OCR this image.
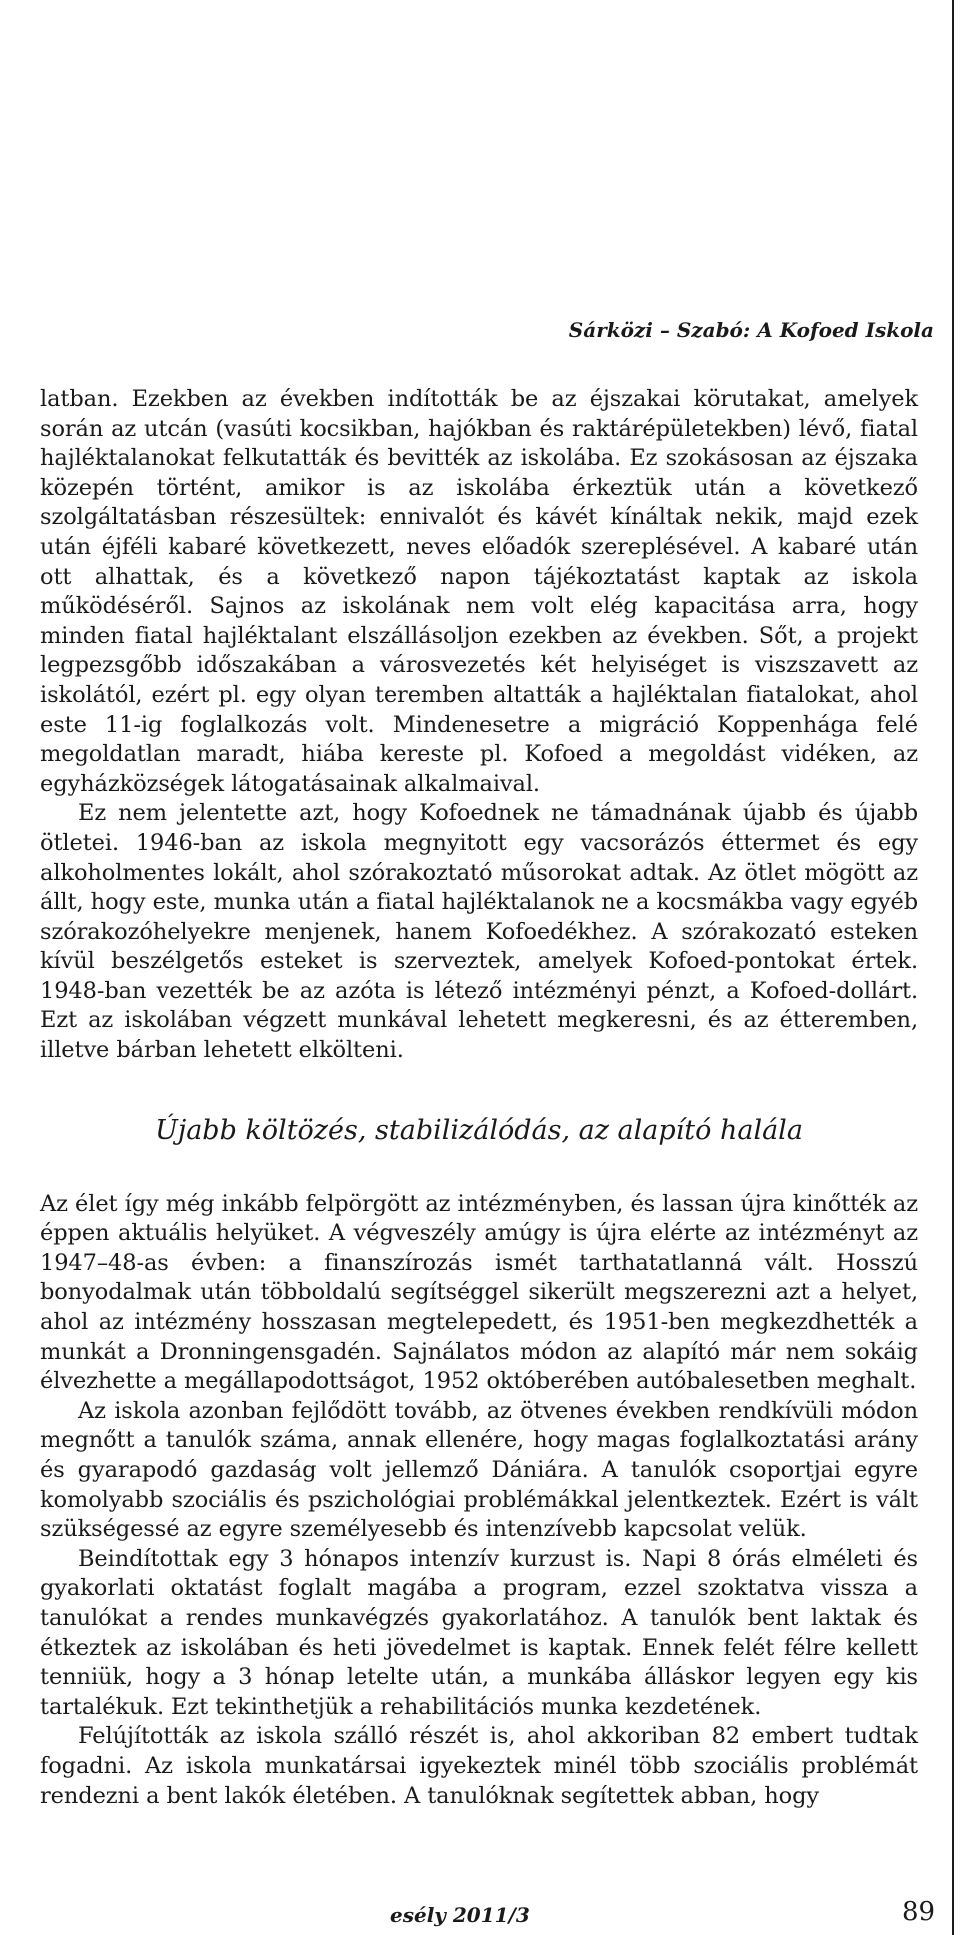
Sárközi – Szabó: A Kofoed Iskola

latban. Ezekben az években indították be az éjszakai körutakat, amelyek során az utcán (vasúti kocsikban, hajókban és raktárépületekben) lévő, fiatal hajléktalanokat felkutatták és bevitték az iskolába. Ez szokásosan az éjszaka közepén történt, amikor is az iskolába érkeztük után a következő szolgáltatásban részesültek: ennivalót és kávét kínáltak nekik, majd ezek után éjféli kabaré következett, neves előadók szereplésével. A kabaré után ott alhattak, és a következő napon tájékoztatást kaptak az iskola működéséről. Sajnos az iskolának nem volt elég kapacitása arra, hogy minden fiatal hajléktalant elszállásoljon ezekben az években. Sőt, a projekt legpezsgőbb időszakában a városvezetés két helyiséget is viszszavett az iskolától, ezért pl. egy olyan teremben altatták a hajléktalan fiatalokat, ahol este 11-ig foglalkozás volt. Mindenesetre a migráció Koppenhága felé megoldatlan maradt, hiába kereste pl. Kofoed a megoldást vidéken, az egyházközségek látogatásainak alkalmaival.

Ez nem jelentette azt, hogy Kofoednek ne támadnának újabb és újabb ötletei. 1946-ban az iskola megnyitott egy vacsorázós éttermet és egy alkoholmentes lokált, ahol szórakoztató műsorokat adtak. Az ötlet mögött az állt, hogy este, munka után a fiatal hajléktalanok ne a kocsmákba vagy egyéb szórakozóhelyekre menjenek, hanem Kofoedékhez. A szórakozató esteken kívül beszélgetős esteket is szerveztek, amelyek Kofoed-pontokat értek. 1948-ban vezették be az azóta is létező intézményi pénzt, a Kofoed-dollárt. Ezt az iskolában végzett munkával lehetett megkeresni, és az étteremben, illetve bárban lehetett elkölteni.

Újabb költözés, stabilizálódás, az alapító halála

Az élet így még inkább felpörgött az intézményben, és lassan újra kinőtték az éppen aktuális helyüket. A végveszély amúgy is újra elérte az intézményt az 1947–48-as évben: a finanszírozás ismét tarthatatlanná vált. Hosszú bonyodalmak után többoldalú segítséggel sikerült megszerezni azt a helyet, ahol az intézmény hosszasan megtelepedett, és 1951-ben megkezdhették a munkát a Dronningensgadén. Sajnálatos módon az alapító már nem sokáig élvezhette a megállapodottságot, 1952 októberében autóbalesetben meghalt.

Az iskola azonban fejlődött tovább, az ötvenes években rendkívüli módon megnőtt a tanulók száma, annak ellenére, hogy magas foglalkoztatási arány és gyarapodó gazdaság volt jellemző Dániára. A tanulók csoportjai egyre komolyabb szociális és pszichológiai problémákkal jelentkeztek. Ezért is vált szükségessé az egyre személyesebb és intenzívebb kapcsolat velük.

Beindítottak egy 3 hónapos intenzív kurzust is. Napi 8 órás elméleti és gyakorlati oktatást foglalt magába a program, ezzel szoktatva vissza a tanulókat a rendes munkavégzés gyakorlatához. A tanulók bent laktak és étkeztek az iskolában és heti jövedelmet is kaptak. Ennek felét félre kellett tenniük, hogy a 3 hónap letelte után, a munkába álláskor legyen egy kis tartalékuk. Ezt tekinthetjük a rehabilitációs munka kezdetének.

Felújították az iskola szálló részét is, ahol akkoriban 82 embert tudtak fogadni. Az iskola munkatársai igyekeztek minél több szociális problémát rendezni a bent lakók életében. A tanulóknak segítettek abban, hogy

esély 2011/3	89
